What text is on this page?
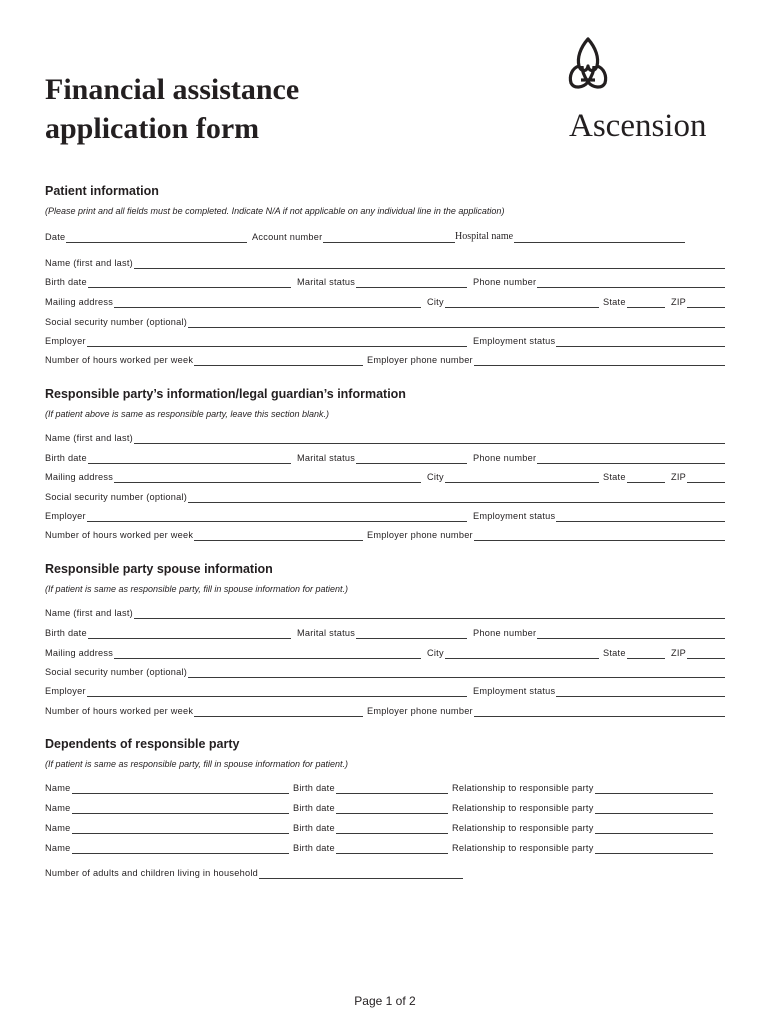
Financial assistance
application form	Ascension
Patient information
(Please print and all fields must be completed. Indicate N/A if not applicable on any individual line in the application)
Date	Account number	Hospital name
Name (first and last)
Birth date	Marital status	Phone number
Mailing address	City	State	ZIP
Social security number (optional)
Employer	Employment status
Number of hours worked per week	Employer phone number
Responsible party’s information/legal guardian’s information
(If patient above is same as responsible party, leave this section blank.)
Name (first and last)
Birth date	Marital status	Phone number
Mailing address	City	State	ZIP
Social security number (optional)
Employer	Employment status
Number of hours worked per week	Employer phone number
Responsible party spouse information
(If patient is same as responsible party, fill in spouse information for patient.)
Name (first and last)
Birth date	Marital status	Phone number
Mailing address	City	State	ZIP
Social security number (optional)
Employer	Employment status
Number of hours worked per week	Employer phone number
Dependents of responsible party
(If patient is same as responsible party, fill in spouse information for patient.)
Name	Birth date	Relationship to responsible party
Name	Birth date	Relationship to responsible party
Name	Birth date	Relationship to responsible party
Name	Birth date	Relationship to responsible party
Number of adults and children living in household
Page 1 of 2
